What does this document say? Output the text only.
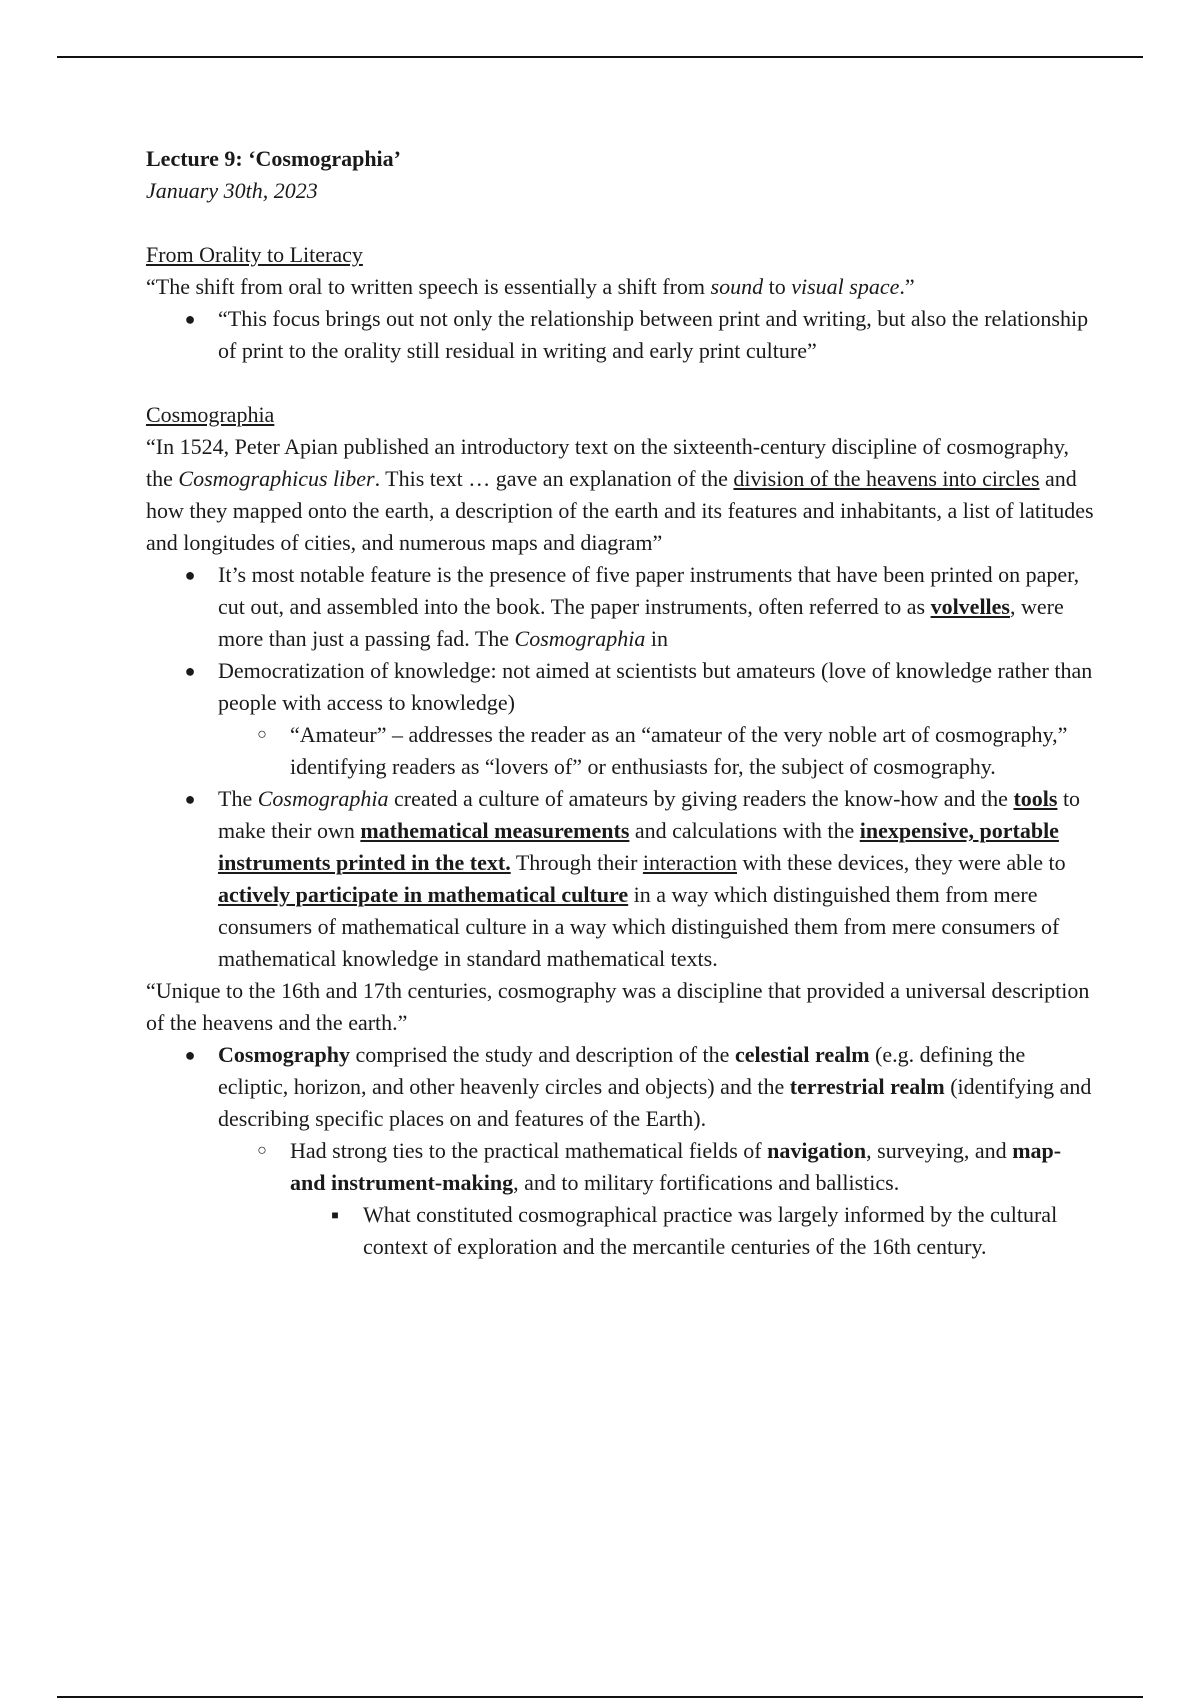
Lecture 9: ‘Cosmographia’
January 30th, 2023
From Orality to Literacy
“The shift from oral to written speech is essentially a shift from sound to visual space.”
● “This focus brings out not only the relationship between print and writing, but also the relationship of print to the orality still residual in writing and early print culture”
Cosmographia
“In 1524, Peter Apian published an introductory text on the sixteenth-century discipline of cosmography, the Cosmographicus liber. This text … gave an explanation of the division of the heavens into circles and how they mapped onto the earth, a description of the earth and its features and inhabitants, a list of latitudes and longitudes of cities, and numerous maps and diagram”
● It’s most notable feature is the presence of five paper instruments that have been printed on paper, cut out, and assembled into the book. The paper instruments, often referred to as volvelles, were more than just a passing fad. The Cosmographia in
● Democratization of knowledge: not aimed at scientists but amateurs (love of knowledge rather than people with access to knowledge)
○ “Amateur” – addresses the reader as an “amateur of the very noble art of cosmography,” identifying readers as “lovers of” or enthusiasts for, the subject of cosmography.
● The Cosmographia created a culture of amateurs by giving readers the know-how and the tools to make their own mathematical measurements and calculations with the inexpensive, portable instruments printed in the text. Through their interaction with these devices, they were able to actively participate in mathematical culture in a way which distinguished them from mere consumers of mathematical culture in a way which distinguished them from mere consumers of mathematical knowledge in standard mathematical texts.
“Unique to the 16th and 17th centuries, cosmography was a discipline that provided a universal description of the heavens and the earth.”
● Cosmography comprised the study and description of the celestial realm (e.g. defining the ecliptic, horizon, and other heavenly circles and objects) and the terrestrial realm (identifying and describing specific places on and features of the Earth).
○ Had strong ties to the practical mathematical fields of navigation, surveying, and map-and instrument-making, and to military fortifications and ballistics.
■ What constituted cosmographical practice was largely informed by the cultural context of exploration and the mercantile centuries of the 16th century.
